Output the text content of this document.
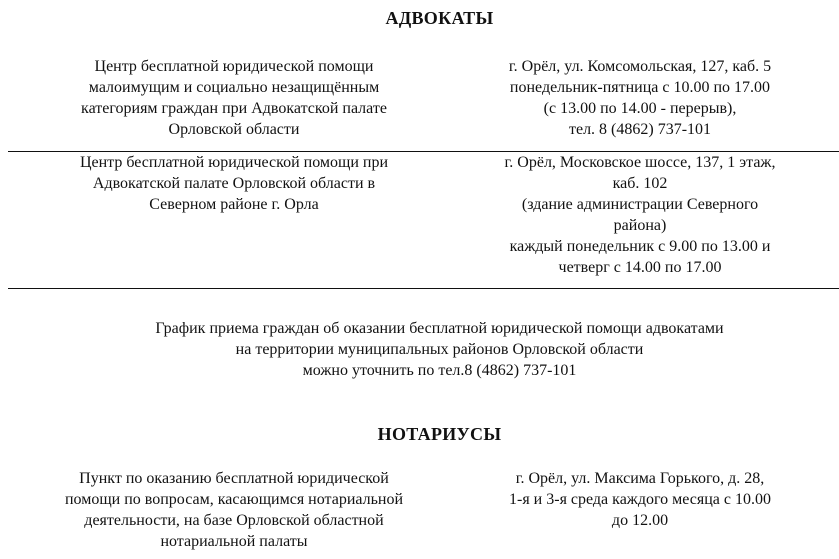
АДВОКАТЫ
Центр бесплатной юридической помощи
малоимущим и социально незащищённым
категориям граждан при Адвокатской палате
Орловской области
г. Орёл, ул. Комсомольская, 127, каб. 5
понедельник-пятница с 10.00 по 17.00
(с 13.00 по 14.00 - перерыв),
тел. 8 (4862) 737-101
Центр бесплатной юридической помощи при
Адвокатской палате Орловской области в
Северном районе г. Орла
г. Орёл, Московское шоссе, 137, 1 этаж,
каб. 102
(здание администрации Северного
района)
каждый понедельник с 9.00 по 13.00 и
четверг с 14.00 по 17.00
График приема граждан об оказании бесплатной юридической помощи адвокатами
на территории муниципальных районов Орловской области
можно уточнить по тел.8 (4862) 737-101
НОТАРИУСЫ
Пункт по оказанию бесплатной юридической
помощи по вопросам, касающимся нотариальной
деятельности, на базе Орловской областной
нотариальной палаты
г. Орёл, ул. Максима Горького, д. 28,
1-я и 3-я среда каждого месяца с 10.00
до 12.00
